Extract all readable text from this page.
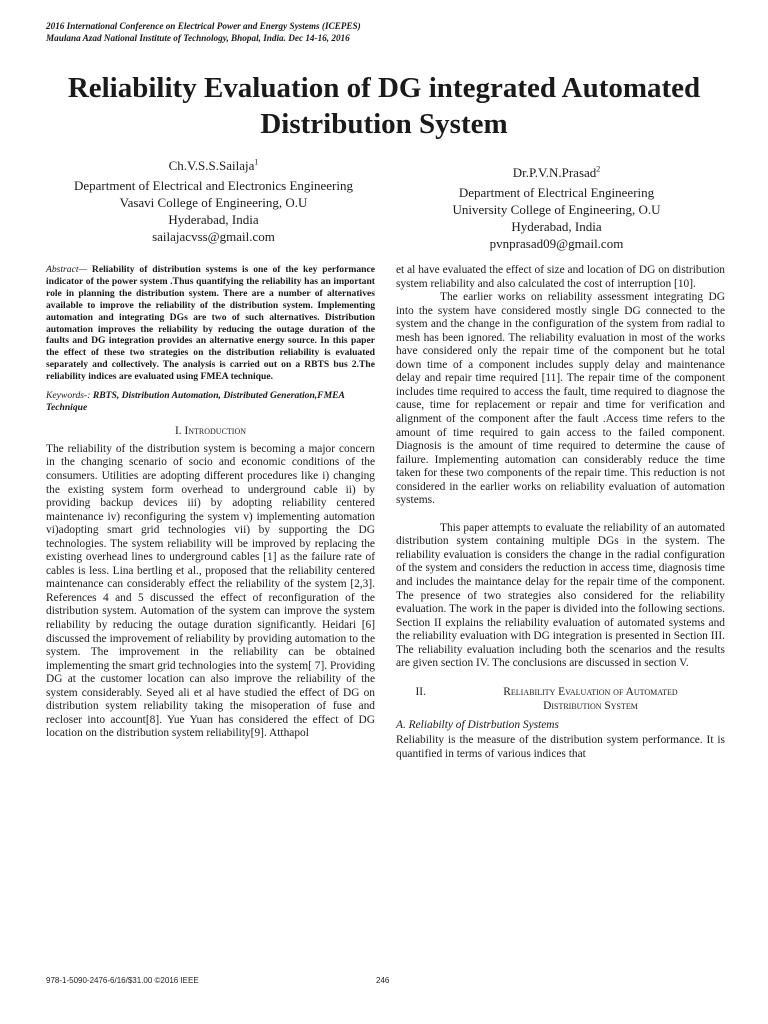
2016 International Conference on Electrical Power and Energy Systems (ICEPES)
Maulana Azad National Institute of Technology, Bhopal, India. Dec 14-16, 2016
Reliability Evaluation of DG integrated Automated Distribution System
Ch.V.S.S.Sailaja$^1$
Department of Electrical and Electronics Engineering
Vasavi College of Engineering, O.U
Hyderabad, India
sailajacvss@gmail.com
Dr.P.V.N.Prasad$^2$
Department of Electrical Engineering
University College of Engineering, O.U
Hyderabad, India
pvnprasad09@gmail.com

Abstract— Reliability of distribution systems is one of the key performance indicator of the power system .Thus quantifying the reliability has an important role in planning the distribution system. There are a number of alternatives available to improve the reliability of the distribution system. Implementing automation and integrating DGs are two of such alternatives. Distribution automation improves the reliability by reducing the outage duration of the faults and DG integration provides an alternative energy source. In this paper the effect of these two strategies on the distribution reliability is evaluated separately and collectively. The analysis is carried out on a RBTS bus 2.The reliability indices are evaluated using FMEA technique.

Keywords-: RBTS, Distribution Automation, Distributed Generation,FMEA Technique

I. Introduction

The reliability of the distribution system is becoming a major concern in the changing scenario of socio and economic conditions of the consumers. Utilities are adopting different procedures like i) changing the existing system form overhead to underground cable ii) by providing backup devices iii) by adopting reliability centered maintenance iv) reconfiguring the system v) implementing automation vi)adopting smart grid technologies vii) by supporting the DG technologies. The system reliability will be improved by replacing the existing overhead lines to underground cables [1] as the failure rate of cables is less. Lina bertling et al., proposed that the reliability centered maintenance can considerably effect the reliability of the system [2,3]. References 4 and 5 discussed the effect of reconfiguration of the distribution system. Automation of the system can improve the system reliability by reducing the outage duration significantly. Heidari [6] discussed the improvement of reliability by providing automation to the system. The improvement in the reliability can be obtained implementing the smart grid technologies into the system[ 7]. Providing DG at the customer location can also improve the reliability of the system considerably. Seyed ali et al have studied the effect of DG on distribution system reliability taking the misoperation of fuse and recloser into account[8]. Yue Yuan has considered the effect of DG location on the distribution system reliability[9]. Atthapol

et al have evaluated the effect of size and location of DG on distribution system reliability and also calculated the cost of interruption [10].

The earlier works on reliability assessment integrating DG into the system have considered mostly single DG connected to the system and the change in the configuration of the system from radial to mesh has been ignored. The reliability evaluation in most of the works have considered only the repair time of the component but he total down time of a component includes supply delay and maintenance delay and repair time required [11]. The repair time of the component includes time required to access the fault, time required to diagnose the cause, time for replacement or repair and time for verification and alignment of the component after the fault .Access time refers to the amount of time required to gain access to the failed component. Diagnosis is the amount of time required to determine the cause of failure. Implementing automation can considerably reduce the time taken for these two components of the repair time. This reduction is not considered in the earlier works on reliability evaluation of automation systems.

This paper attempts to evaluate the reliability of an automated distribution system containing multiple DGs in the system. The reliability evaluation is considers the change in the radial configuration of the system and considers the reduction in access time, diagnosis time and includes the maintance delay for the repair time of the component. The presence of two strategies also considered for the reliability evaluation. The work in the paper is divided into the following sections. Section II explains the reliability evaluation of automated systems and the reliability evaluation with DG integration is presented in Section III. The reliability evaluation including both the scenarios and the results are given section IV. The conclusions are discussed in section V.

II.	Reliability Evaluation of Automated Distribution System

A. Reliabilty of Distrbution Systems

Reliability is the measure of the distribution system performance. It is quantified in terms of various indices that

978-1-5090-2476-6/16/$31.00 ©2016 IEEE	246
